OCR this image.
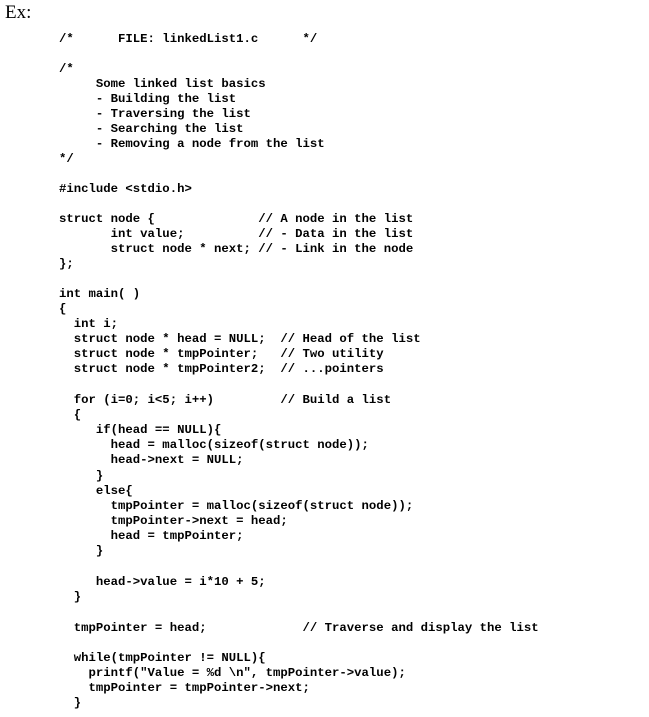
Ex:
/*      FILE: linkedList1.c      */
/*
Some linked list basics
- Building the list
- Traversing the list
- Searching the list
- Removing a node from the list
*/
#include <stdio.h>
struct node {              // A node in the list
int value;          // - Data in the list
struct node * next; // - Link in the node
};
int main( )
{
int i;
struct node * head = NULL;  // Head of the list
struct node * tmpPointer;   // Two utility
struct node * tmpPointer2;  // ...pointers
for (i=0; i<5; i++)         // Build a list
{
if(head == NULL){
head = malloc(sizeof(struct node));
head->next = NULL;
}
else{
tmpPointer = malloc(sizeof(struct node));
tmpPointer->next = head;
head = tmpPointer;
}
head->value = i*10 + 5;
}
tmpPointer = head;             // Traverse and display the list
while(tmpPointer != NULL){
printf("Value = %d \n", tmpPointer->value);
tmpPointer = tmpPointer->next;
}
